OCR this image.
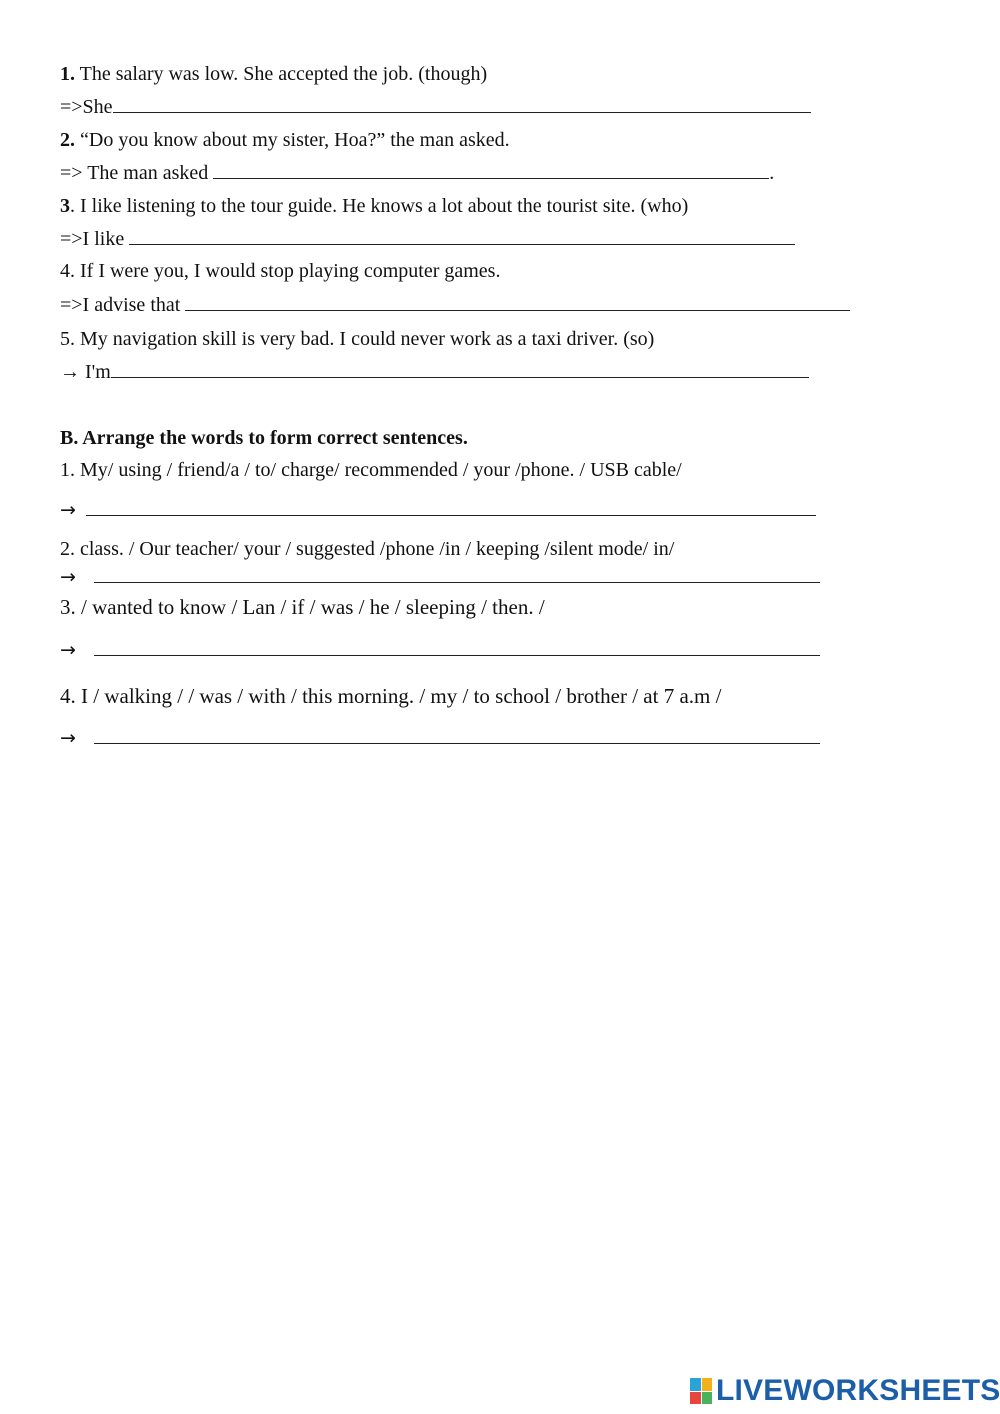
1. The salary was low. She accepted the job. (though)
=>She
2. “Do you know about my sister, Hoa?” the man asked.
=> The man asked	.
3. I like listening to the tour guide. He knows a lot about the tourist site. (who)
=>I like
4. If I were you, I would stop playing computer games.
=>I advise that
5. My navigation skill is very bad. I could never work as a taxi driver. (so)
→ I'm
B. Arrange the words to form correct sentences.
1. My/ using / friend/a / to/ charge/ recommended / your /phone. / USB cable/
→
2. class. / Our teacher/ your / suggested /phone /in / keeping /silent mode/ in/
→
3. / wanted to know / Lan / if / was / he / sleeping / then. /
→
4. I / walking / / was / with / this morning. / my / to school / brother / at 7 a.m /
→
LIVEWORKSHEETS
